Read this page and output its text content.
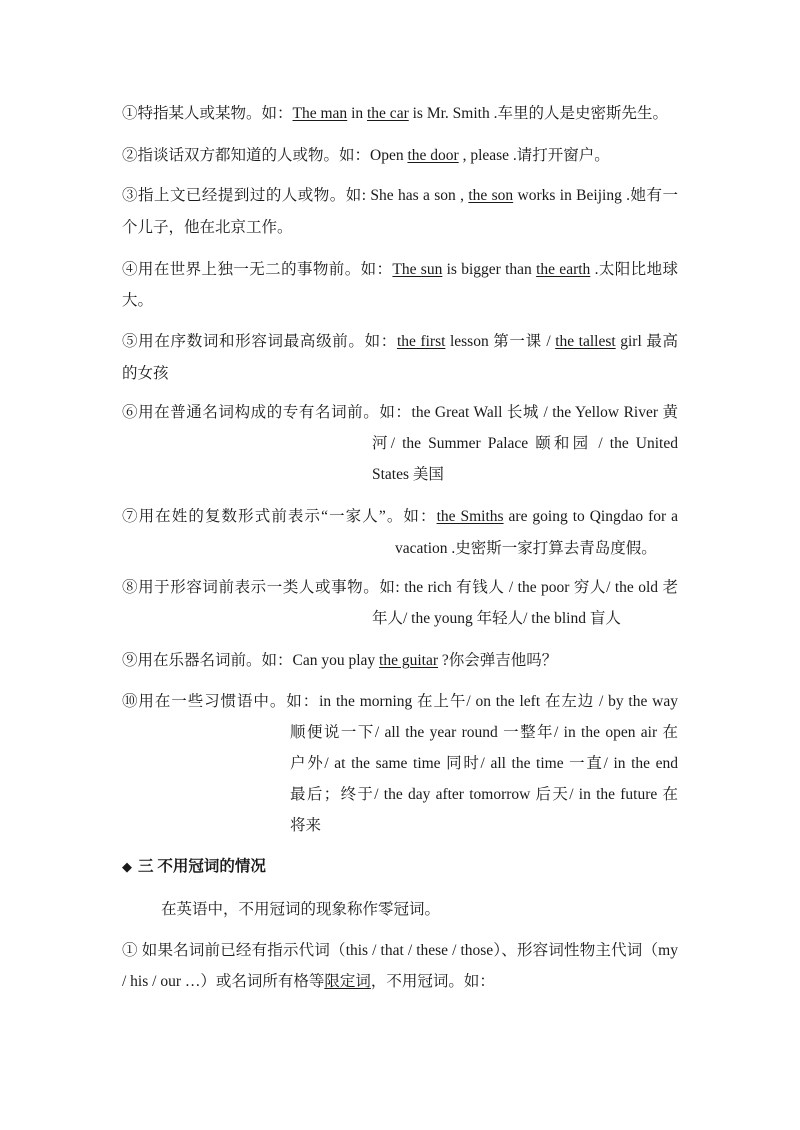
①特指某人或某物。如：The man in the car is Mr. Smith .车里的人是史密斯先生。
②指谈话双方都知道的人或物。如：Open the door , please .请打开窗户。
③指上文已经提到过的人或物。如: She has a son , the son works in Beijing .她有一
个儿子，他在北京工作。
④用在世界上独一无二的事物前。如：The sun is bigger than the earth .太阳比地球
大。
⑤用在序数词和形容词最高级前。如：the first lesson 第一课 / the tallest girl 最高
的女孩
⑥用在普通名词构成的专有名词前。如：the Great Wall 长城 / the Yellow River 黄
河/ the Summer Palace 颐和园 / the United
States 美国
⑦用在姓的复数形式前表示“一家人”。如：the Smiths are going to Qingdao for a
vacation .史密斯一家打算去青岛度假。
⑧用于形容词前表示一类人或事物。如: the rich 有钱人 / the poor 穷人/ the old 老
年人/ the young 年轻人/ the blind 盲人
⑨用在乐器名词前。如：Can you play the guitar ?你会弹吉他吗？
⑩用在一些习惯语中。如：in the morning 在上午/ on the left 在左边 / by the way
顺便说一下/ all the year round 一整年/ in the open air 在
户外/ at the same time 同时/ all the time 一直/ in the end
最后；终于/ the day after tomorrow 后天/ in the future 在
将来
◆ 三 不用冠词的情况
在英语中，不用冠词的现象称作零冠词。
① 如果名词前已经有指示代词（this / that / these / those）、形容词性物主代词（my
/ his / our …）或名词所有格等限定词，不用冠词。如：
